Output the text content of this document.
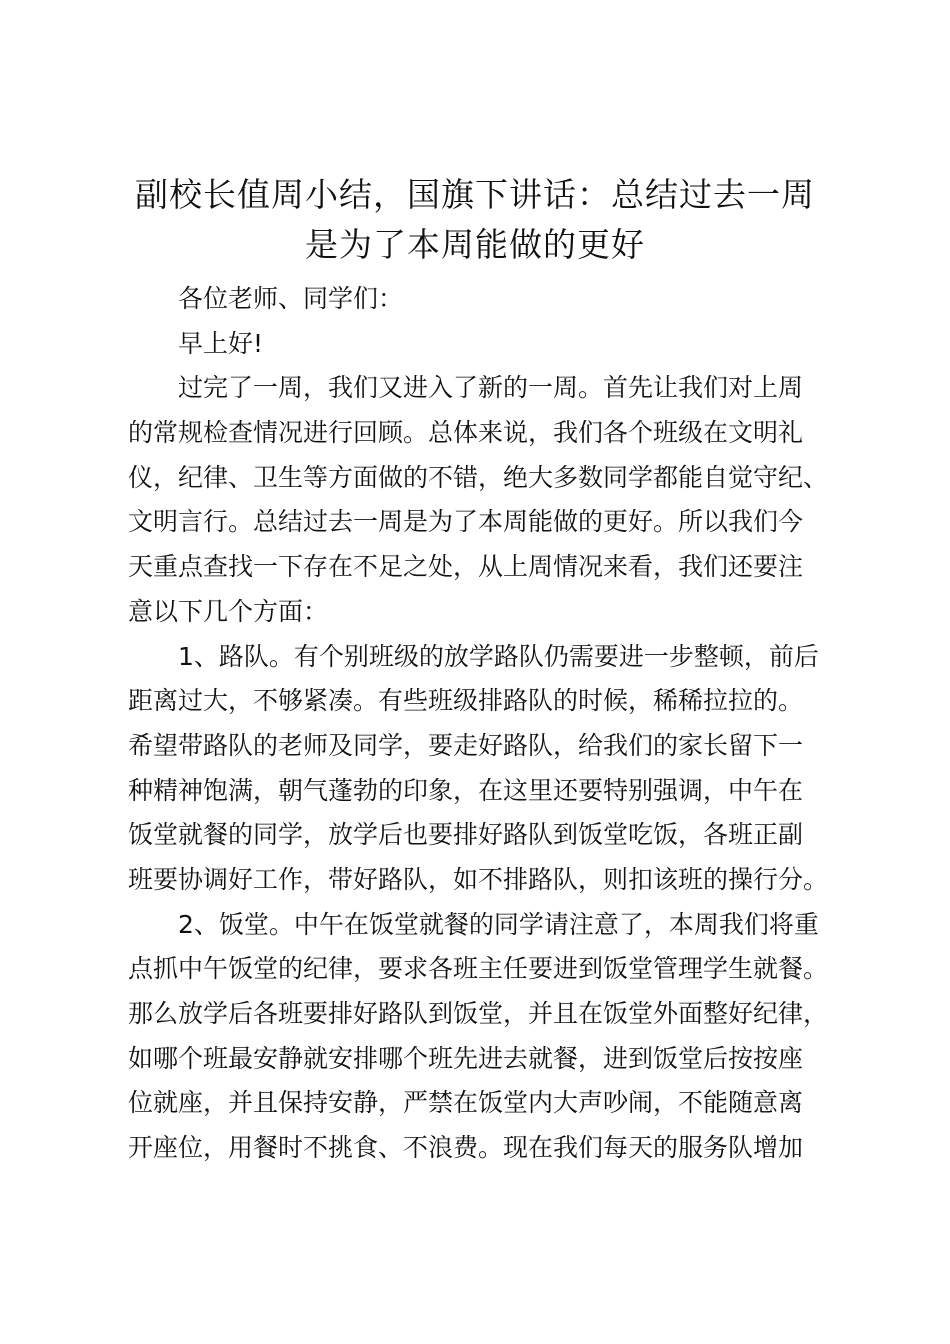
副校长值周小结，国旗下讲话：总结过去一周
是为了本周能做的更好
各位老师、同学们：
早上好!
过完了一周，我们又进入了新的一周。首先让我们对上周
的常规检查情况进行回顾。总体来说，我们各个班级在文明礼
仪，纪律、卫生等方面做的不错，绝大多数同学都能自觉守纪、
文明言行。总结过去一周是为了本周能做的更好。所以我们今
天重点查找一下存在不足之处，从上周情况来看，我们还要注
意以下几个方面：
1、路队。有个别班级的放学路队仍需要进一步整顿，前后
距离过大，不够紧凑。有些班级排路队的时候，稀稀拉拉的。
希望带路队的老师及同学，要走好路队，给我们的家长留下一
种精神饱满，朝气蓬勃的印象，在这里还要特别强调，中午在
饭堂就餐的同学，放学后也要排好路队到饭堂吃饭，各班正副
班要协调好工作，带好路队，如不排路队，则扣该班的操行分。
2、饭堂。中午在饭堂就餐的同学请注意了，本周我们将重
点抓中午饭堂的纪律，要求各班主任要进到饭堂管理学生就餐。
那么放学后各班要排好路队到饭堂，并且在饭堂外面整好纪律，
如哪个班最安静就安排哪个班先进去就餐，进到饭堂后按按座
位就座，并且保持安静，严禁在饭堂内大声吵闹，不能随意离
开座位，用餐时不挑食、不浪费。现在我们每天的服务队增加
